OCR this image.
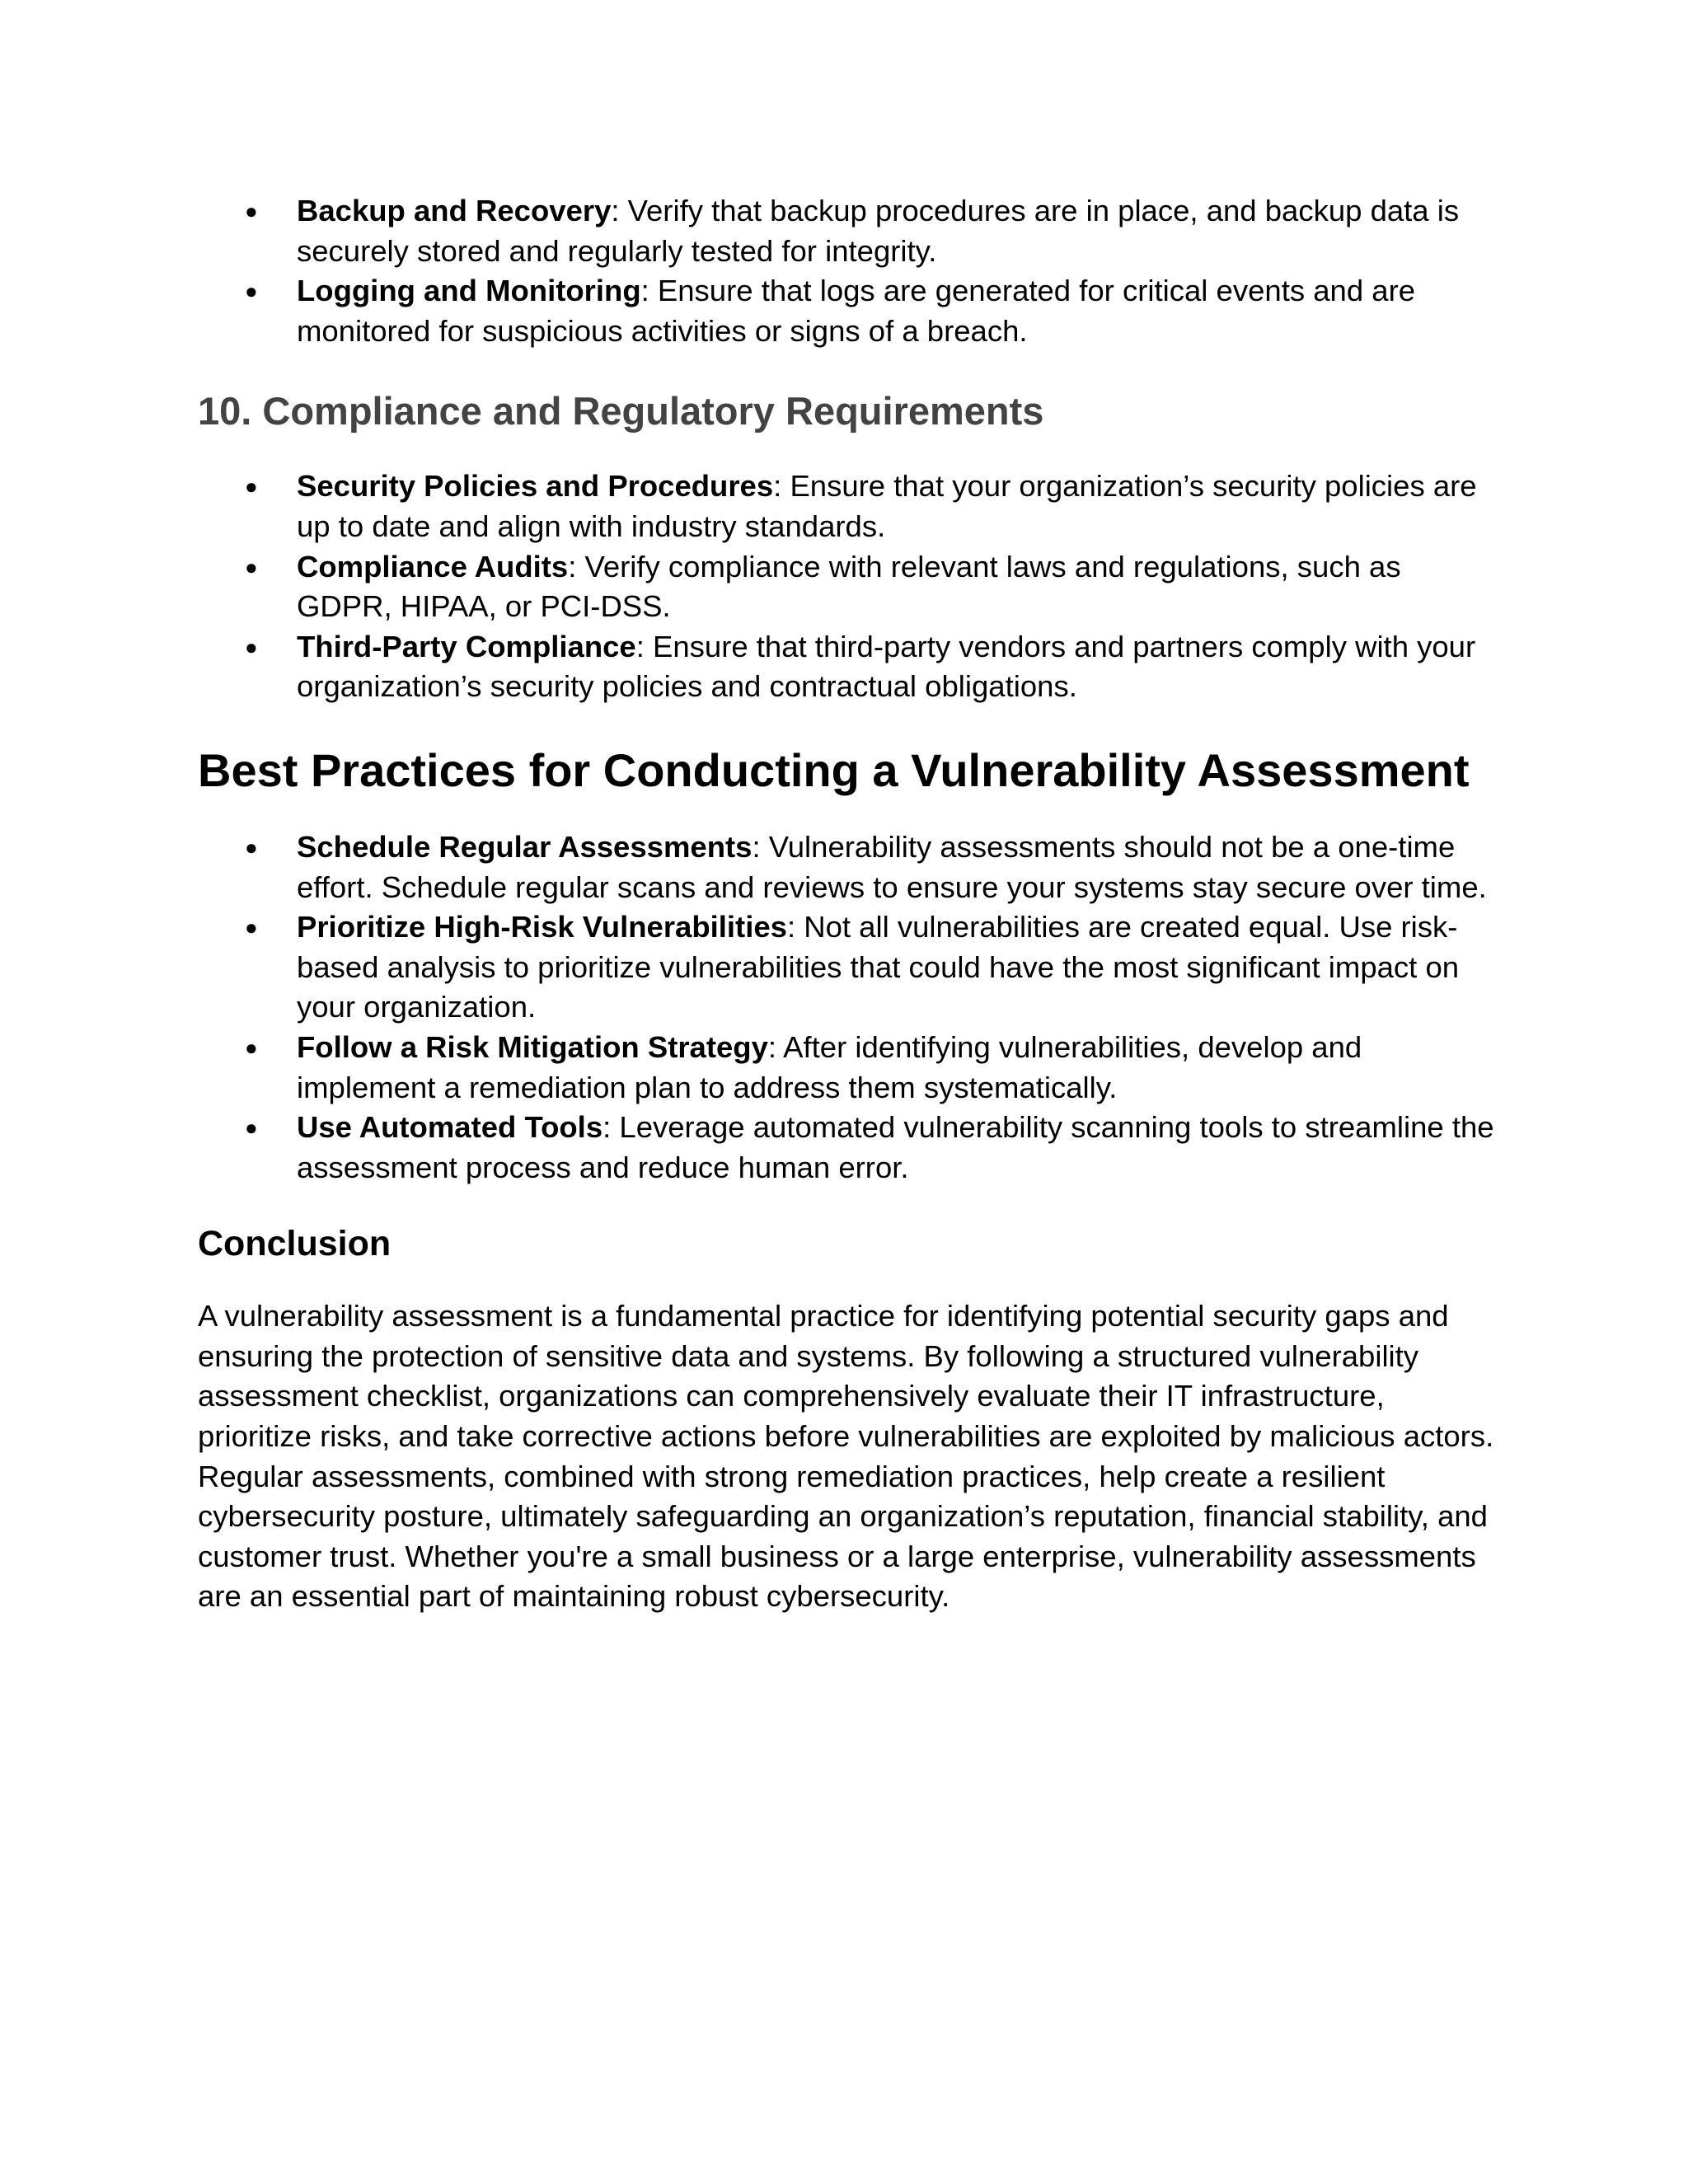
● Backup and Recovery: Verify that backup procedures are in place, and backup data is securely stored and regularly tested for integrity.
● Logging and Monitoring: Ensure that logs are generated for critical events and are monitored for suspicious activities or signs of a breach.
10. Compliance and Regulatory Requirements
● Security Policies and Procedures: Ensure that your organization’s security policies are up to date and align with industry standards.
● Compliance Audits: Verify compliance with relevant laws and regulations, such as GDPR, HIPAA, or PCI-DSS.
● Third-Party Compliance: Ensure that third-party vendors and partners comply with your organization’s security policies and contractual obligations.
Best Practices for Conducting a Vulnerability Assessment
● Schedule Regular Assessments: Vulnerability assessments should not be a one-time effort. Schedule regular scans and reviews to ensure your systems stay secure over time.
● Prioritize High-Risk Vulnerabilities: Not all vulnerabilities are created equal. Use risk-based analysis to prioritize vulnerabilities that could have the most significant impact on your organization.
● Follow a Risk Mitigation Strategy: After identifying vulnerabilities, develop and implement a remediation plan to address them systematically.
● Use Automated Tools: Leverage automated vulnerability scanning tools to streamline the assessment process and reduce human error.
Conclusion

A vulnerability assessment is a fundamental practice for identifying potential security gaps and ensuring the protection of sensitive data and systems. By following a structured vulnerability assessment checklist, organizations can comprehensively evaluate their IT infrastructure, prioritize risks, and take corrective actions before vulnerabilities are exploited by malicious actors. Regular assessments, combined with strong remediation practices, help create a resilient cybersecurity posture, ultimately safeguarding an organization’s reputation, financial stability, and customer trust. Whether you're a small business or a large enterprise, vulnerability assessments are an essential part of maintaining robust cybersecurity.
